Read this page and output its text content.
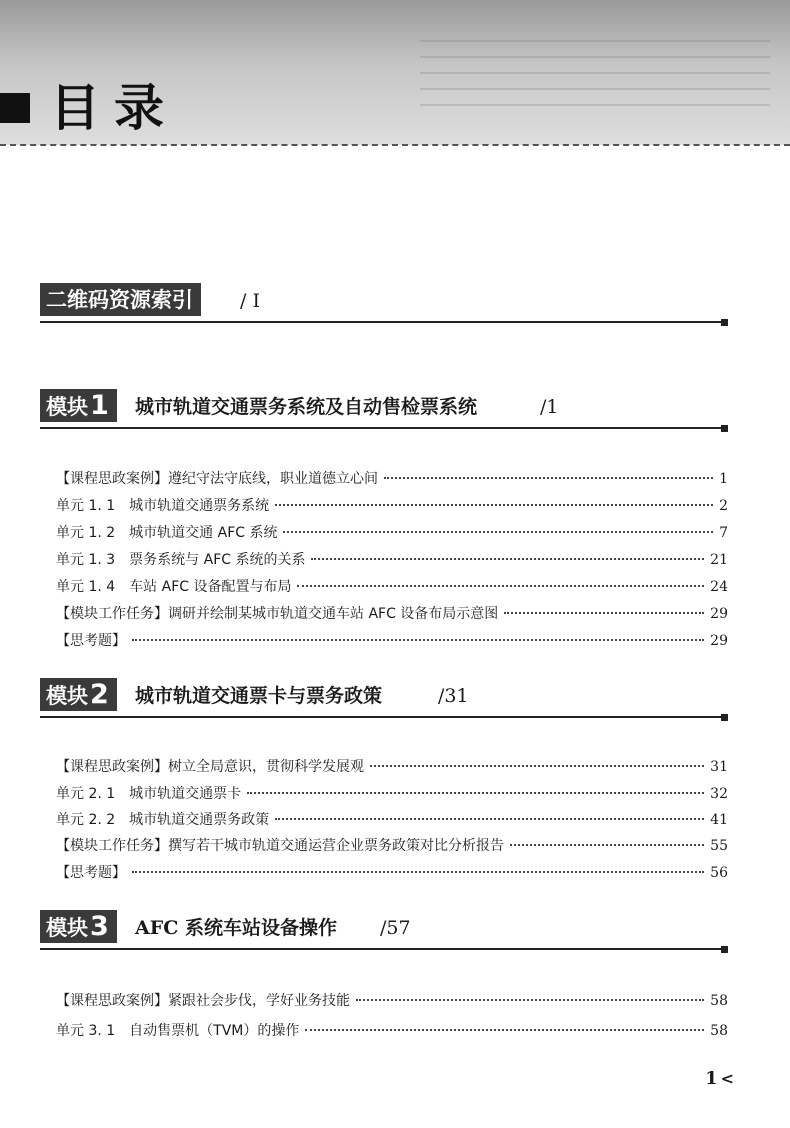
目录
二维码资源索引	/ I
模块1	城市轨道交通票务系统及自动售检票系统	/1
【课程思政案例】 遵纪守法守底线，职业道德立心间	1
单元 1. 1 城市轨道交通票务系统	2
单元 1. 2 城市轨道交通 AFC 系统	7
单元 1. 3 票务系统与 AFC 系统的关系	21
单元 1. 4 车站 AFC 设备配置与布局	24
【模块工作任务】 调研并绘制某城市轨道交通车站 AFC 设备布局示意图	29
【思考题】	29
模块2	城市轨道交通票卡与票务政策	/31
【课程思政案例】 树立全局意识，贯彻科学发展观	31
单元 2. 1 城市轨道交通票卡	32
单元 2. 2 城市轨道交通票务政策	41
【模块工作任务】 撰写若干城市轨道交通运营企业票务政策对比分析报告	55
【思考题】	56
模块3	AFC 系统车站设备操作 /57
【课程思政案例】 紧跟社会步伐，学好业务技能	58
单元 3. 1 自动售票机（TVM）的操作	58
1 <
